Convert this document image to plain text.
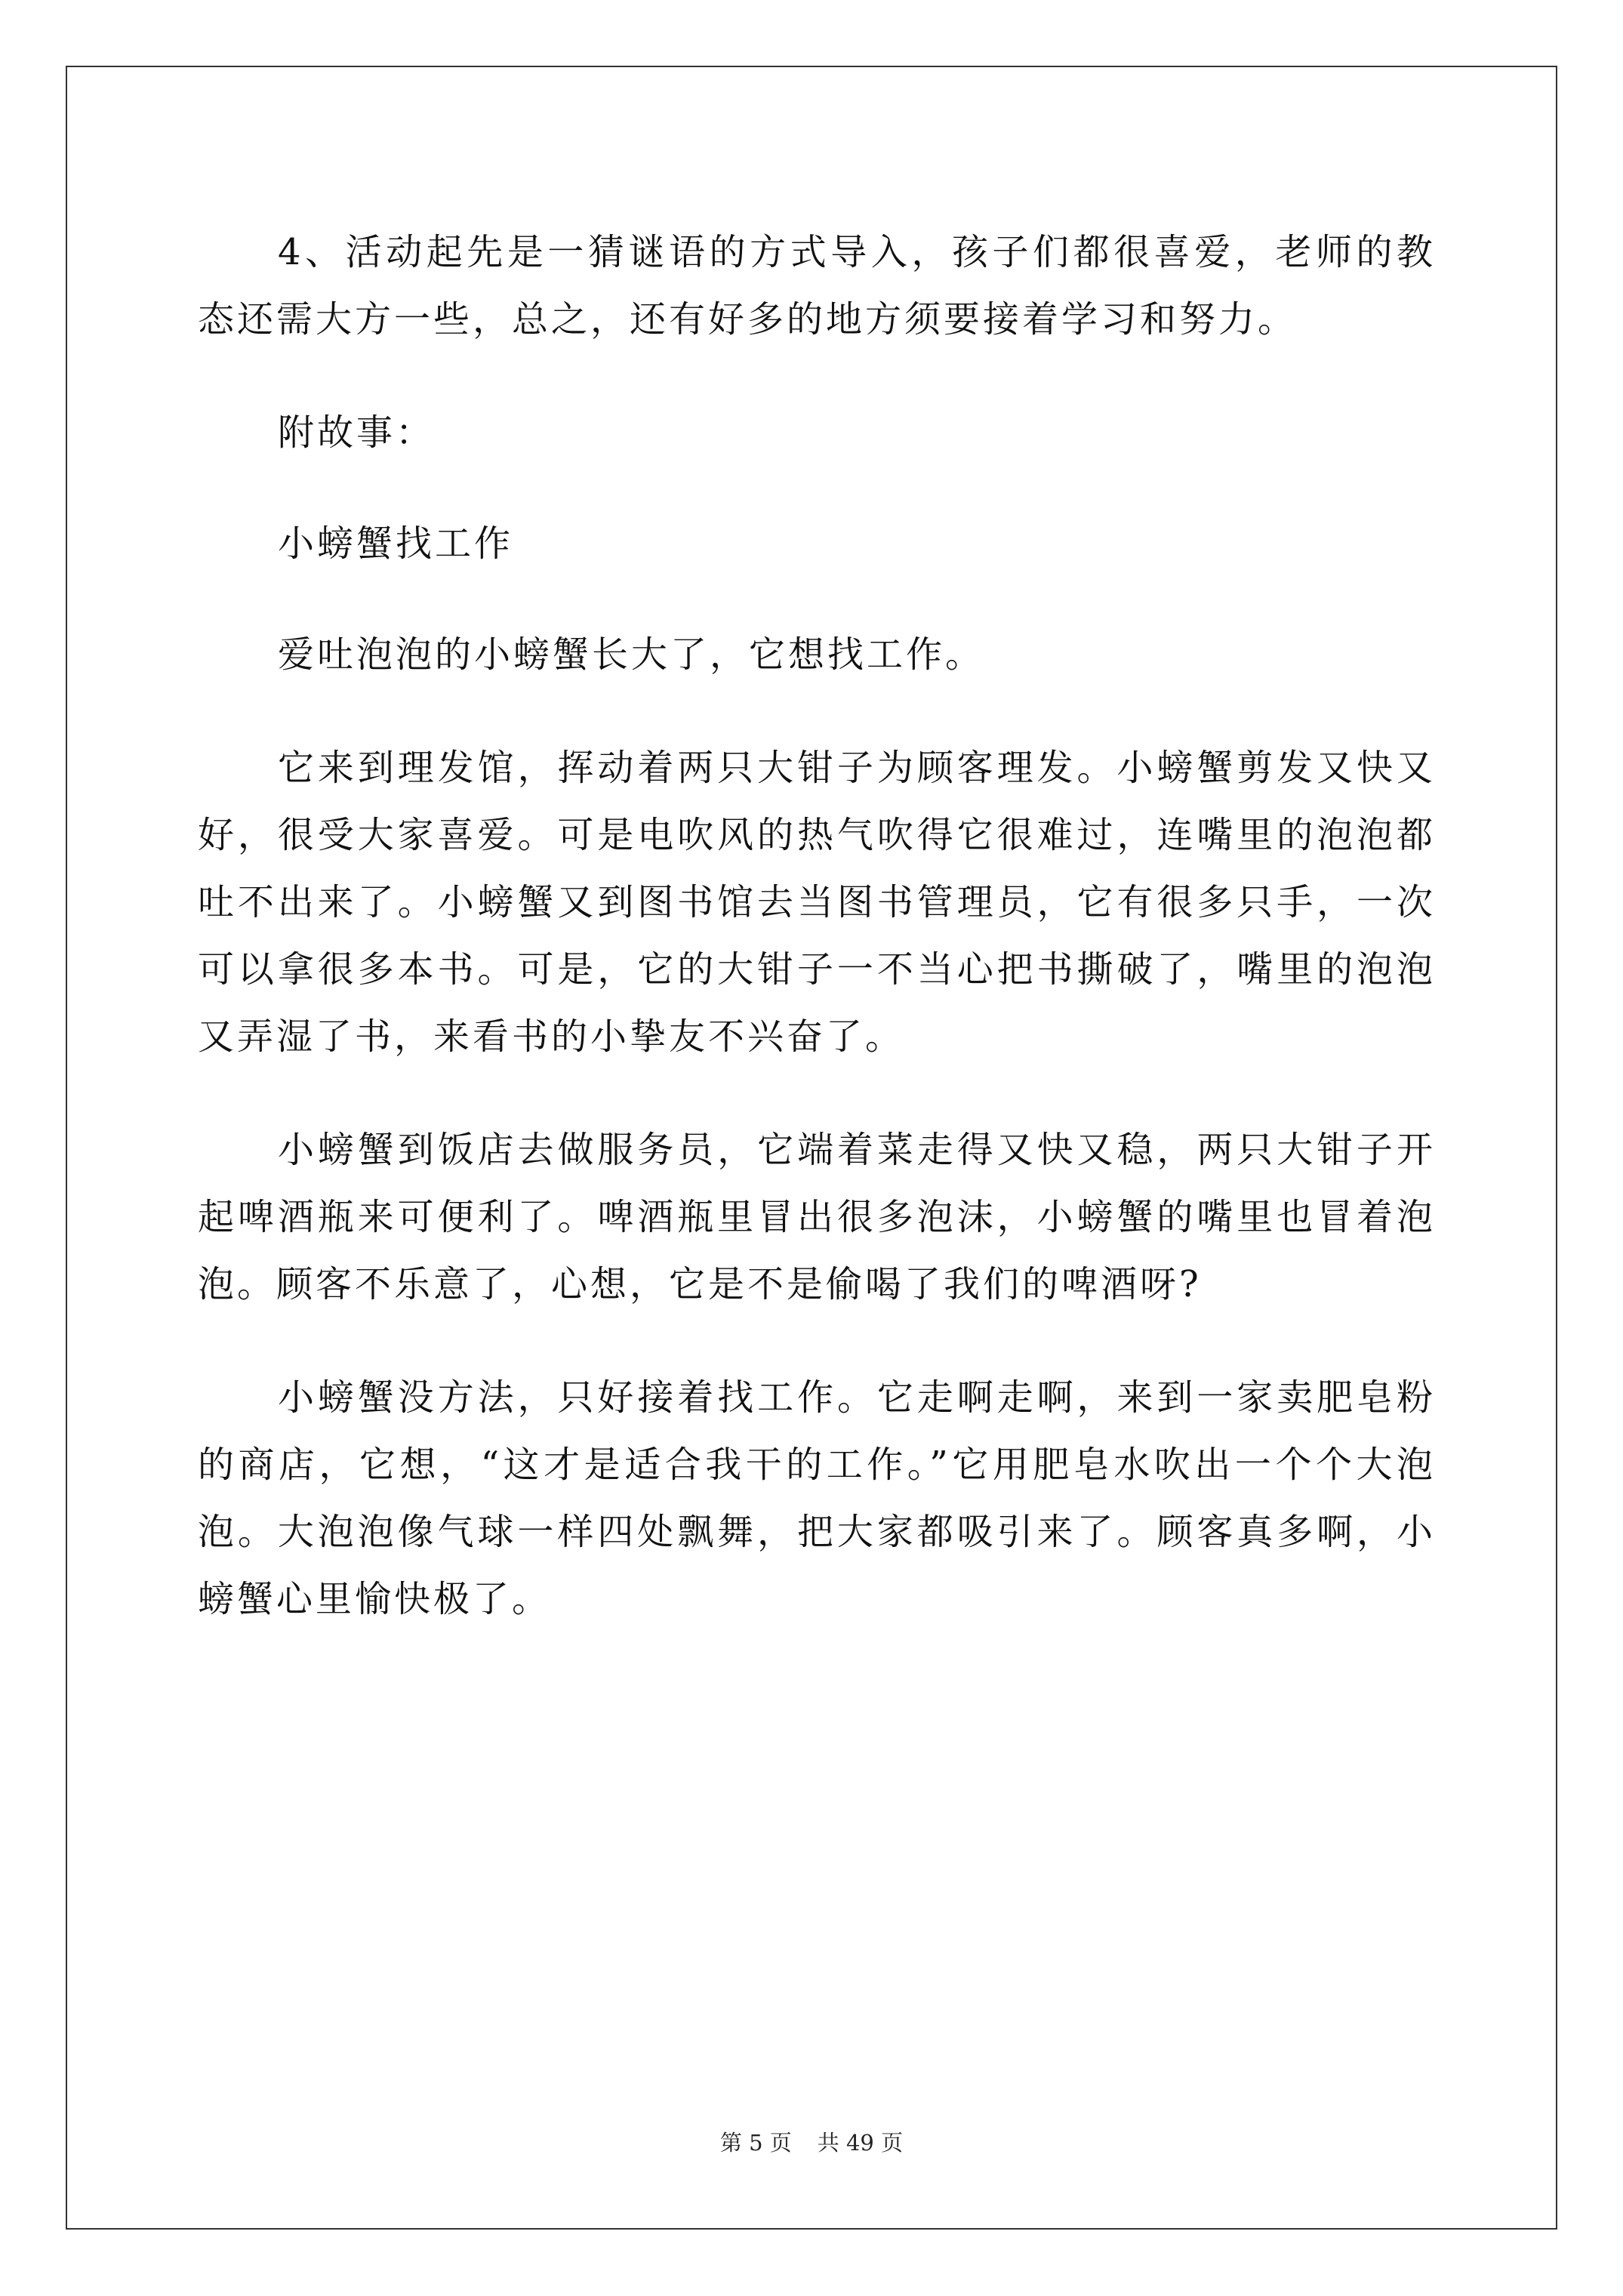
4、活动起先是一猜谜语的方式导入，孩子们都很喜爱，老师的教态还需大方一些，总之，还有好多的地方须要接着学习和努力。

附故事：

小螃蟹找工作

爱吐泡泡的小螃蟹长大了，它想找工作。

它来到理发馆，挥动着两只大钳子为顾客理发。小螃蟹剪发又快又好，很受大家喜爱。可是电吹风的热气吹得它很难过，连嘴里的泡泡都吐不出来了。小螃蟹又到图书馆去当图书管理员，它有很多只手，一次可以拿很多本书。可是，它的大钳子一不当心把书撕破了，嘴里的泡泡又弄湿了书，来看书的小挚友不兴奋了。

小螃蟹到饭店去做服务员，它端着菜走得又快又稳，两只大钳子开起啤酒瓶来可便利了。啤酒瓶里冒出很多泡沫，小螃蟹的嘴里也冒着泡泡。顾客不乐意了，心想，它是不是偷喝了我们的啤酒呀?

小螃蟹没方法，只好接着找工作。它走啊走啊，来到一家卖肥皂粉的商店，它想，“这才是适合我干的工作。”它用肥皂水吹出一个个大泡泡。大泡泡像气球一样四处飘舞，把大家都吸引来了。顾客真多啊，小螃蟹心里愉快极了。

第 5 页 共 49 页
